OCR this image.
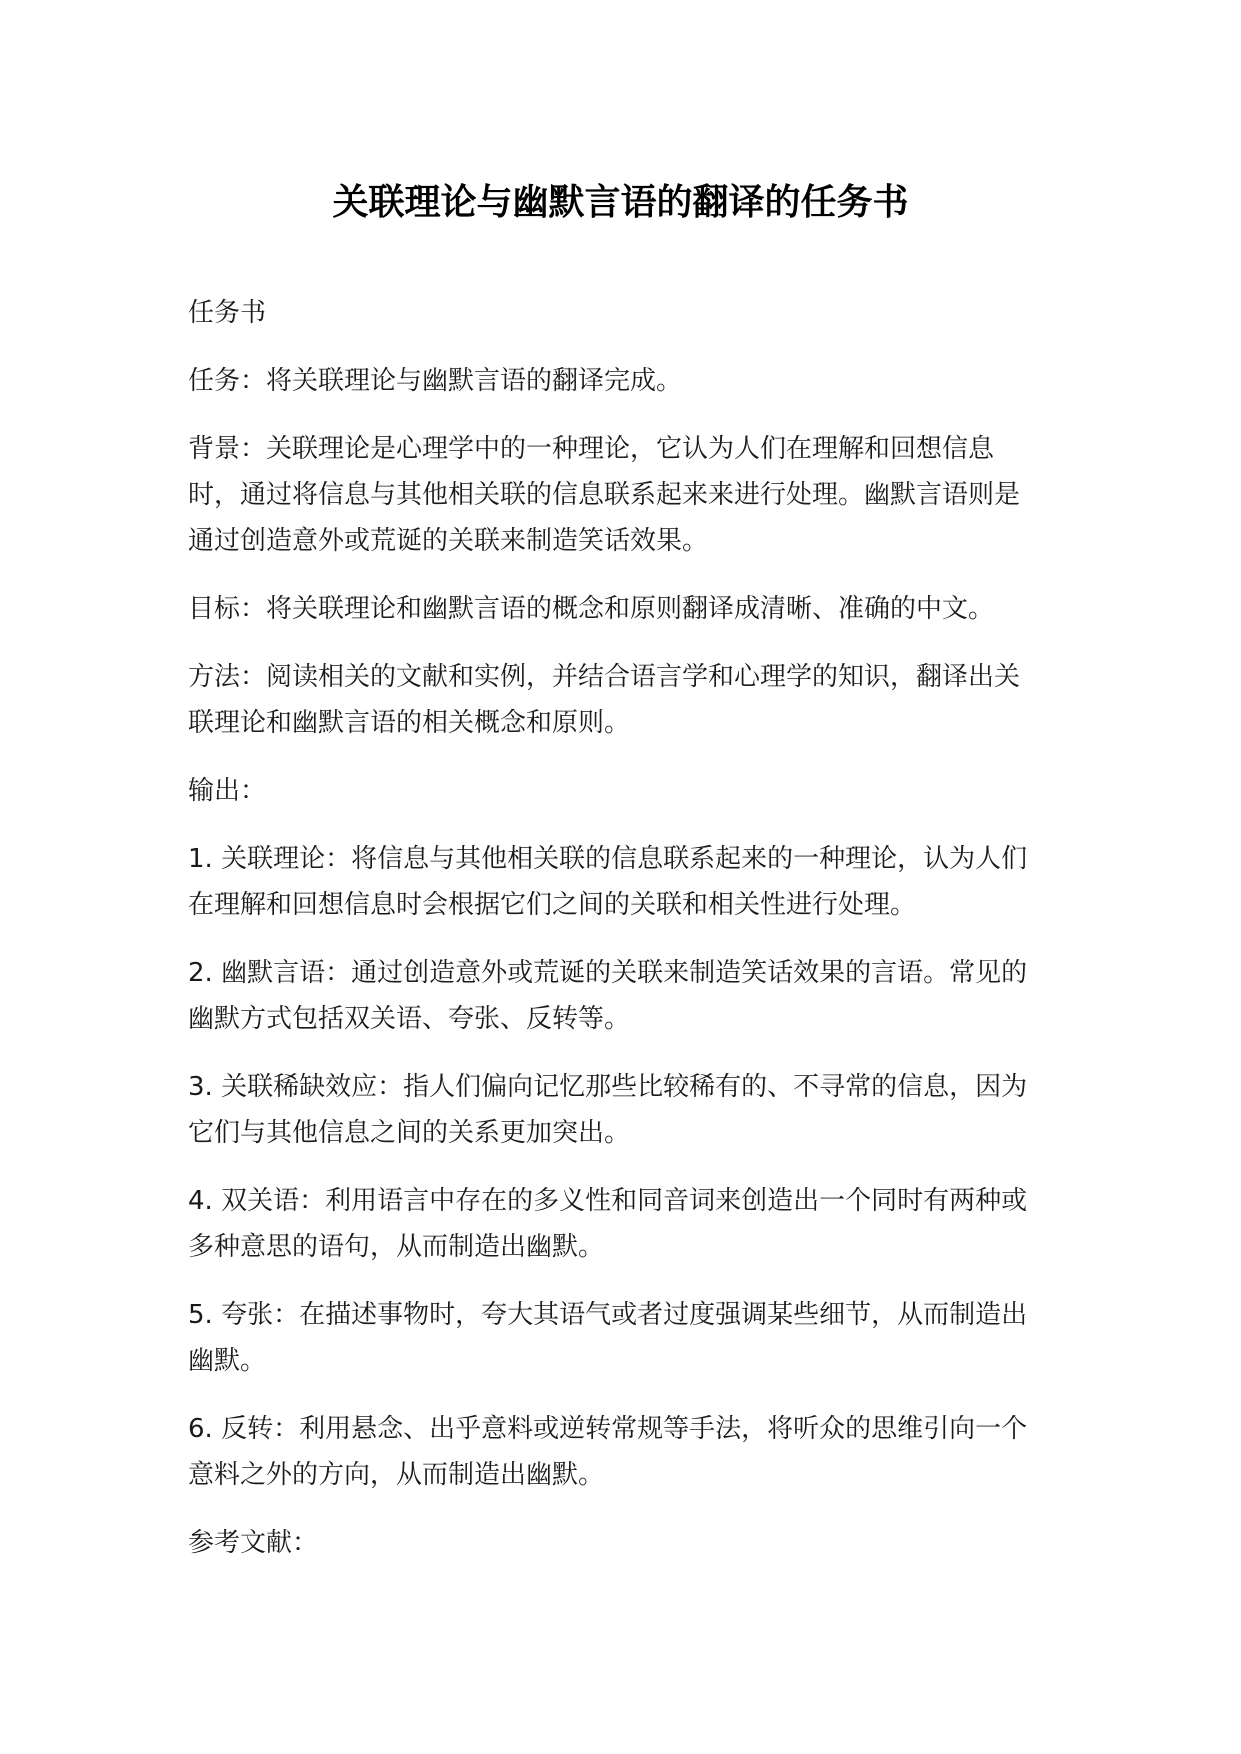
关联理论与幽默言语的翻译的任务书

任务书

任务：将关联理论与幽默言语的翻译完成。

背景：关联理论是心理学中的一种理论，它认为人们在理解和回想信息时，通过将信息与其他相关联的信息联系起来来进行处理。幽默言语则是通过创造意外或荒诞的关联来制造笑话效果。

目标：将关联理论和幽默言语的概念和原则翻译成清晰、准确的中文。

方法：阅读相关的文献和实例，并结合语言学和心理学的知识，翻译出关联理论和幽默言语的相关概念和原则。

输出：

1. 关联理论：将信息与其他相关联的信息联系起来的一种理论，认为人们在理解和回想信息时会根据它们之间的关联和相关性进行处理。

2. 幽默言语：通过创造意外或荒诞的关联来制造笑话效果的言语。常见的幽默方式包括双关语、夸张、反转等。

3. 关联稀缺效应：指人们偏向记忆那些比较稀有的、不寻常的信息，因为它们与其他信息之间的关系更加突出。

4. 双关语：利用语言中存在的多义性和同音词来创造出一个同时有两种或多种意思的语句，从而制造出幽默。

5. 夸张：在描述事物时，夸大其语气或者过度强调某些细节，从而制造出幽默。

6. 反转：利用悬念、出乎意料或逆转常规等手法，将听众的思维引向一个意料之外的方向，从而制造出幽默。

参考文献：
